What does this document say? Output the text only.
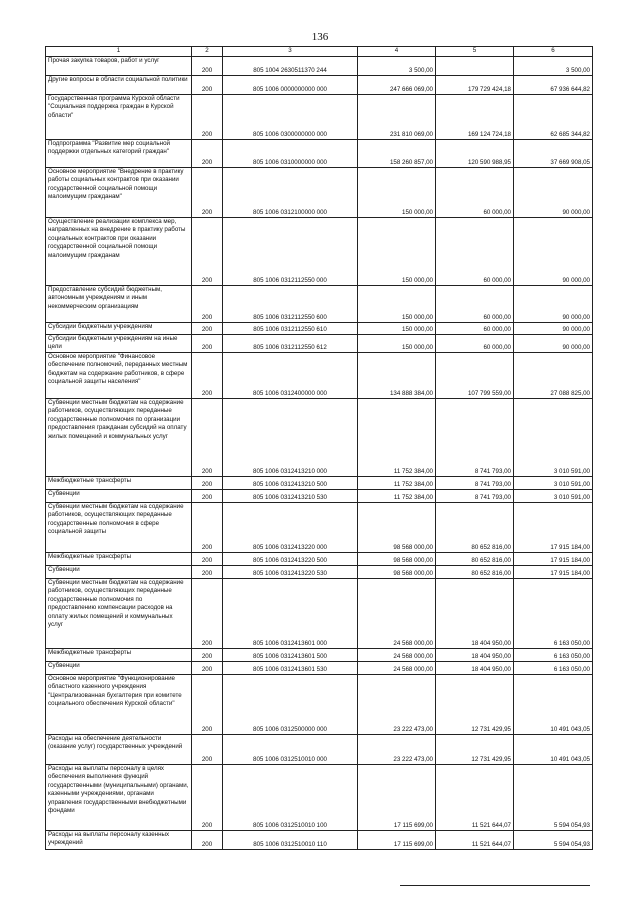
136
1	2	3	4	5	6
Прочая закупка товаров, работ и услуг	200	805 1004 2630511370 244	3 500,00		3 500,00
Другие вопросы в области социальной политики	200	805 1006 0000000000 000	247 666 069,00	179 729 424,18	67 936 644,82
Государственная программа Курской области "Социальная поддержка граждан в Курской области"	200	805 1006 0300000000 000	231 810 069,00	169 124 724,18	62 685 344,82
Подпрограмма "Развитие мер социальной поддержки отдельных категорий граждан"	200	805 1006 0310000000 000	158 260 857,00	120 590 988,95	37 669 908,05
Основное мероприятие "Внедрение в практику работы социальных контрактов при оказании государственной социальной помощи малоимущим гражданам"	200	805 1006 0312100000 000	150 000,00	60 000,00	90 000,00
Осуществление реализации комплекса мер, направленных на внедрение в практику работы социальных контрактов при оказании государственной социальной помощи малоимущим гражданам	200	805 1006 0312112550 000	150 000,00	60 000,00	90 000,00
Предоставление субсидий бюджетным, автономным учреждениям и иным некоммерческим организациям	200	805 1006 0312112550 600	150 000,00	60 000,00	90 000,00
Субсидии бюджетным учреждениям	200	805 1006 0312112550 610	150 000,00	60 000,00	90 000,00
Субсидии бюджетным учреждениям на иные цели	200	805 1006 0312112550 612	150 000,00	60 000,00	90 000,00
Основное мероприятие "Финансовое обеспечение полномочий, переданных местным бюджетам на содержание работников, в сфере социальной защиты населения"	200	805 1006 0312400000 000	134 888 384,00	107 799 559,00	27 088 825,00
Субвенции местным бюджетам на содержание работников, осуществляющих переданные государственные полномочия по организации предоставления гражданам субсидий на оплату жилых помещений и коммунальных услуг	200	805 1006 0312413210 000	11 752 384,00	8 741 793,00	3 010 591,00
Межбюджетные трансферты	200	805 1006 0312413210 500	11 752 384,00	8 741 793,00	3 010 591,00
Субвенции	200	805 1006 0312413210 530	11 752 384,00	8 741 793,00	3 010 591,00
Субвенции местным бюджетам на содержание работников, осуществляющих переданные государственные полномочия в сфере социальной защиты	200	805 1006 0312413220 000	98 568 000,00	80 652 816,00	17 915 184,00
Межбюджетные трансферты	200	805 1006 0312413220 500	98 568 000,00	80 652 816,00	17 915 184,00
Субвенции	200	805 1006 0312413220 530	98 568 000,00	80 652 816,00	17 915 184,00
Субвенции местным бюджетам на содержание работников, осуществляющих переданные государственные полномочия по предоставлению компенсации расходов на оплату жилых помещений и коммунальных услуг	200	805 1006 0312413601 000	24 568 000,00	18 404 950,00	6 163 050,00
Межбюджетные трансферты	200	805 1006 0312413601 500	24 568 000,00	18 404 950,00	6 163 050,00
Субвенции	200	805 1006 0312413601 530	24 568 000,00	18 404 950,00	6 163 050,00
Основное мероприятие "Функционирование областного казенного учреждения "Централизованная бухгалтерия при комитете социального обеспечения Курской области"	200	805 1006 0312500000 000	23 222 473,00	12 731 429,95	10 491 043,05
Расходы на обеспечение деятельности (оказание услуг) государственных учреждений	200	805 1006 0312510010 000	23 222 473,00	12 731 429,95	10 491 043,05
Расходы на выплаты персоналу в целях обеспечения выполнения функций государственными (муниципальными) органами, казенными учреждениями, органами управления государственными внебюджетными фондами	200	805 1006 0312510010 100	17 115 699,00	11 521 644,07	5 594 054,93
Расходы на выплаты персоналу казенных учреждений	200	805 1006 0312510010 110	17 115 699,00	11 521 644,07	5 594 054,93
